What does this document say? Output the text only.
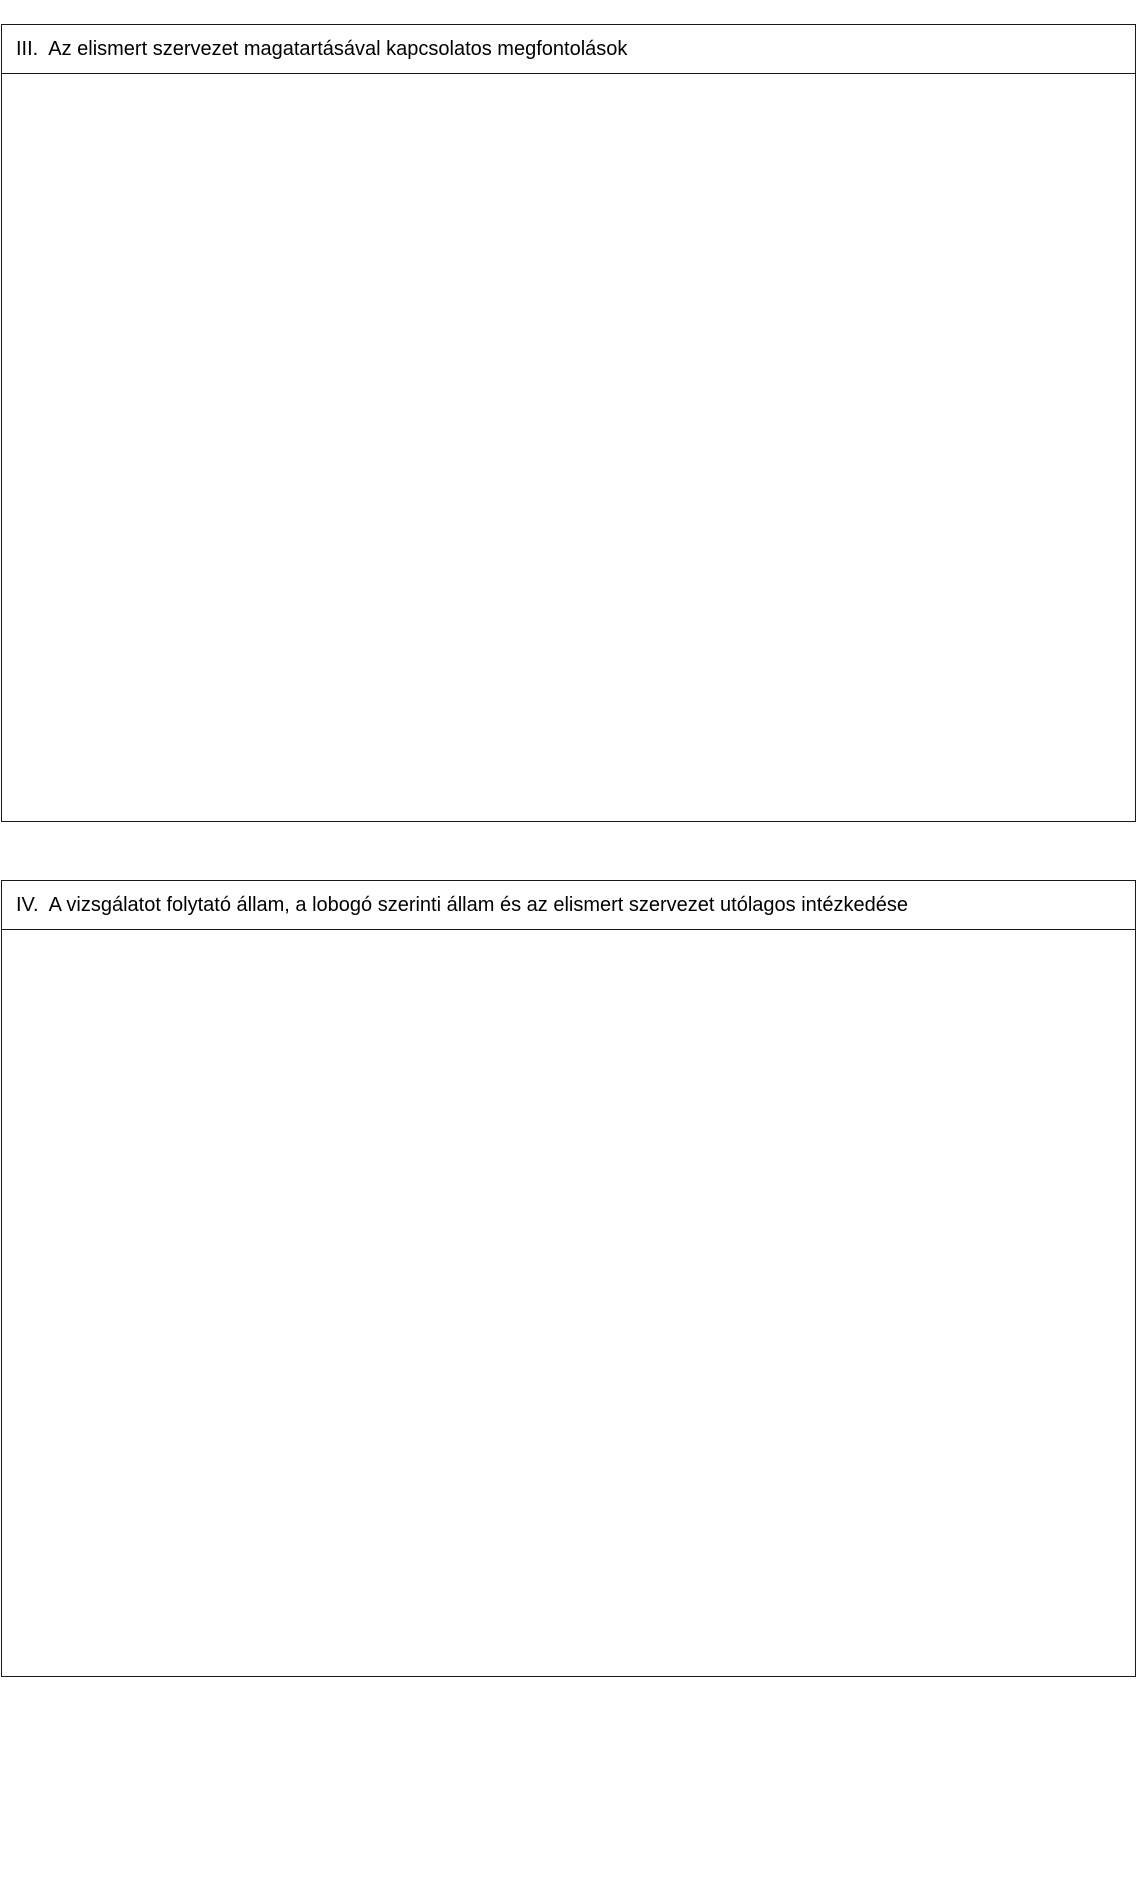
III. Az elismert szervezet magatartásával kapcsolatos megfontolások
IV. A vizsgálatot folytató állam, a lobogó szerinti állam és az elismert szervezet utólagos intézkedése
